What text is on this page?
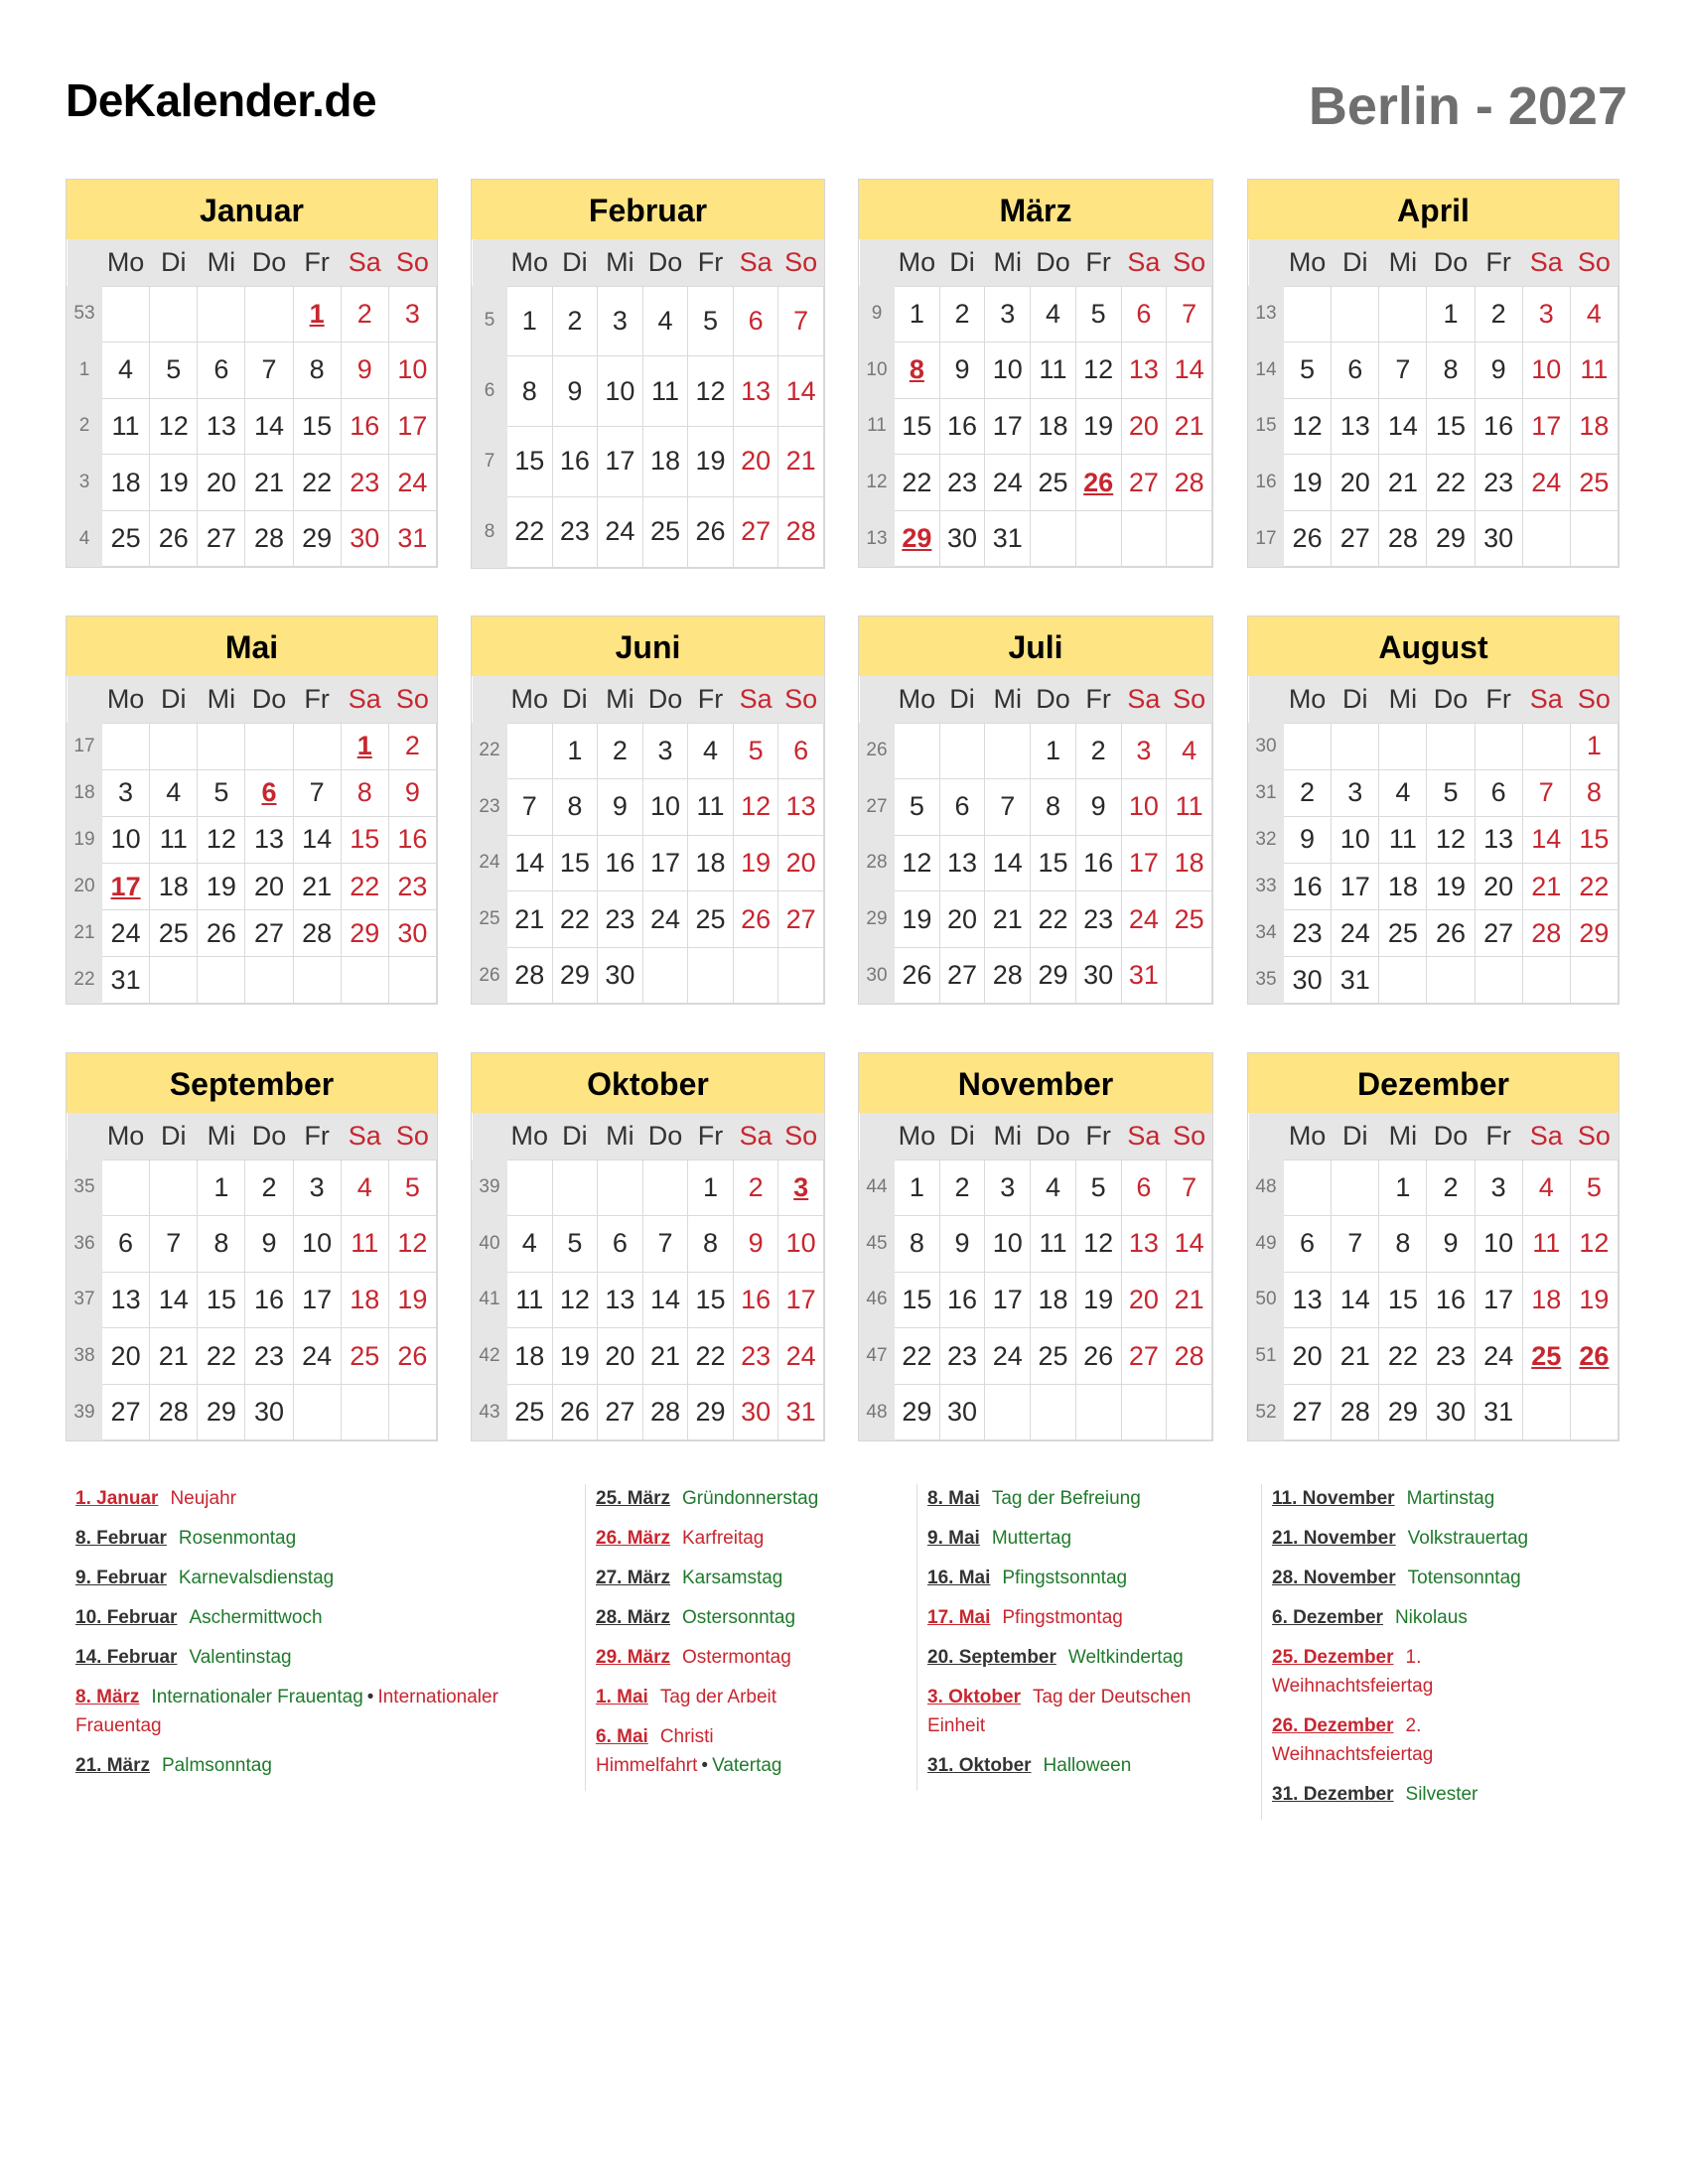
DeKalender.de	Berlin - 2027
Januar
	Mo	Di	Mi	Do	Fr	Sa	So
53					1	2	3
1	4	5	6	7	8	9	10
2	11	12	13	14	15	16	17
3	18	19	20	21	22	23	24
4	25	26	27	28	29	30	31
Februar
	Mo	Di	Mi	Do	Fr	Sa	So
5	1	2	3	4	5	6	7
6	8	9	10	11	12	13	14
7	15	16	17	18	19	20	21
8	22	23	24	25	26	27	28
März
	Mo	Di	Mi	Do	Fr	Sa	So
9	1	2	3	4	5	6	7
10	8	9	10	11	12	13	14
11	15	16	17	18	19	20	21
12	22	23	24	25	26	27	28
13	29	30	31				
April
	Mo	Di	Mi	Do	Fr	Sa	So
13				1	2	3	4
14	5	6	7	8	9	10	11
15	12	13	14	15	16	17	18
16	19	20	21	22	23	24	25
17	26	27	28	29	30		
Mai
	Mo	Di	Mi	Do	Fr	Sa	So
17						1	2
18	3	4	5	6	7	8	9
19	10	11	12	13	14	15	16
20	17	18	19	20	21	22	23
21	24	25	26	27	28	29	30
22	31						
Juni
	Mo	Di	Mi	Do	Fr	Sa	So
22		1	2	3	4	5	6
23	7	8	9	10	11	12	13
24	14	15	16	17	18	19	20
25	21	22	23	24	25	26	27
26	28	29	30				
Juli
	Mo	Di	Mi	Do	Fr	Sa	So
26				1	2	3	4
27	5	6	7	8	9	10	11
28	12	13	14	15	16	17	18
29	19	20	21	22	23	24	25
30	26	27	28	29	30	31	
August
	Mo	Di	Mi	Do	Fr	Sa	So
30							1
31	2	3	4	5	6	7	8
32	9	10	11	12	13	14	15
33	16	17	18	19	20	21	22
34	23	24	25	26	27	28	29
35	30	31					
September
	Mo	Di	Mi	Do	Fr	Sa	So
35			1	2	3	4	5
36	6	7	8	9	10	11	12
37	13	14	15	16	17	18	19
38	20	21	22	23	24	25	26
39	27	28	29	30			
Oktober
	Mo	Di	Mi	Do	Fr	Sa	So
39					1	2	3
40	4	5	6	7	8	9	10
41	11	12	13	14	15	16	17
42	18	19	20	21	22	23	24
43	25	26	27	28	29	30	31
November
	Mo	Di	Mi	Do	Fr	Sa	So
44	1	2	3	4	5	6	7
45	8	9	10	11	12	13	14
46	15	16	17	18	19	20	21
47	22	23	24	25	26	27	28
48	29	30					
Dezember
	Mo	Di	Mi	Do	Fr	Sa	So
48			1	2	3	4	5
49	6	7	8	9	10	11	12
50	13	14	15	16	17	18	19
51	20	21	22	23	24	25	26
52	27	28	29	30	31		
1. Januar Neujahr
8. Februar Rosenmontag
9. Februar Karnevalsdienstag
10. Februar Aschermittwoch
14. Februar Valentinstag
8. März Internationaler Frauentag • Internationaler Frauentag
21. März Palmsonntag
25. März Gründonnerstag
26. März Karfreitag
27. März Karsamstag
28. März Ostersonntag
29. März Ostermontag
1. Mai Tag der Arbeit
6. Mai Christi Himmelfahrt • Vatertag
8. Mai Tag der Befreiung
9. Mai Muttertag
16. Mai Pfingstsonntag
17. Mai Pfingstmontag
20. September Weltkindertag
3. Oktober Tag der Deutschen Einheit
31. Oktober Halloween
11. November Martinstag
21. November Volkstrauertag
28. November Totensonntag
6. Dezember Nikolaus
25. Dezember 1. Weihnachtsfeiertag
26. Dezember 2. Weihnachtsfeiertag
31. Dezember Silvester
